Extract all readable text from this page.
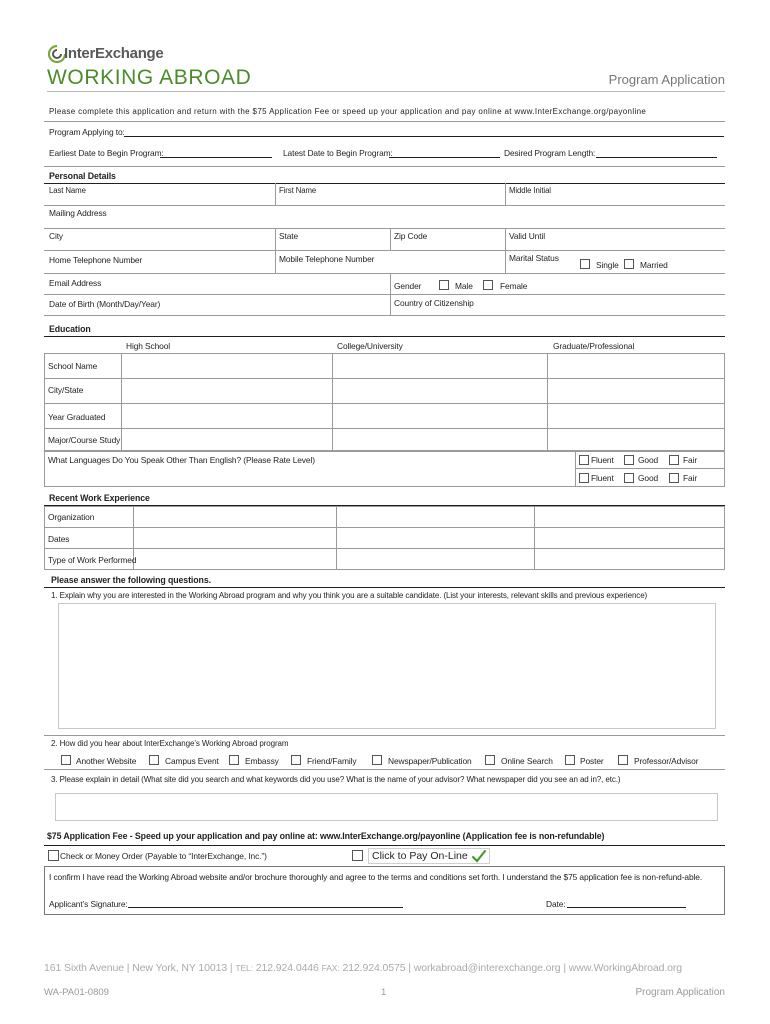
InterExchange
WORKING ABROAD	Program Application
Please complete this application and return with the $75 Application Fee or speed up your application and pay online at www.InterExchange.org/payonline
Program Applying to:
Earliest Date to Begin Program:	Latest Date to Begin Program:	Desired Program Length:
Personal Details
Last Name	First Name	Middle Initial
Mailing Address
City	State	Zip Code	Valid Until
Home Telephone Number	Mobile Telephone Number	Marital Status
Single	Married
Email Address	Gender	Male	Female
Date of Birth (Month/Day/Year)	Country of Citizenship
Education
High School	College/University	Graduate/Professional
School Name
City/State
Year Graduated
Major/Course Study
What Languages Do You Speak Other Than English? (Please Rate Level)	Fluent	Good	Fair
Fluent	Good	Fair
Recent Work Experience
Organization
Dates
Type of Work Performed
Please answer the following questions.
1. Explain why you are interested in the Working Abroad program and why you think you are a suitable candidate. (List your interests, relevant skills and previous experience)
2. How did you hear about InterExchange’s Working Abroad program
Another Website	Campus Event	Embassy	Friend/Family	Newspaper/Publication	Online Search	Poster	Professor/Advisor
3. Please explain in detail (What site did you search and what keywords did you use? What is the name of your advisor? What newspaper did you see an ad in?, etc.)
$75 Application Fee - Speed up your application and pay online at: www.InterExchange.org/payonline (Application fee is non-refundable)
Check or Money Order (Payable to “InterExchange, Inc.”)	$^{Click to Pay On-Line}$
I confirm I have read the Working Abroad website and/or brochure thoroughly and agree to the terms and conditions set forth. I understand the $75 application fee is non-refund-able.
Applicant’s Signature:	Date:
161 Sixth Avenue | New York, NY 10013 | TEL: 212.924.0446 FAX: 212.924.0575 | workabroad@interexchange.org | www.WorkingAbroad.org
WA-PA01-0809	1	Program Application
